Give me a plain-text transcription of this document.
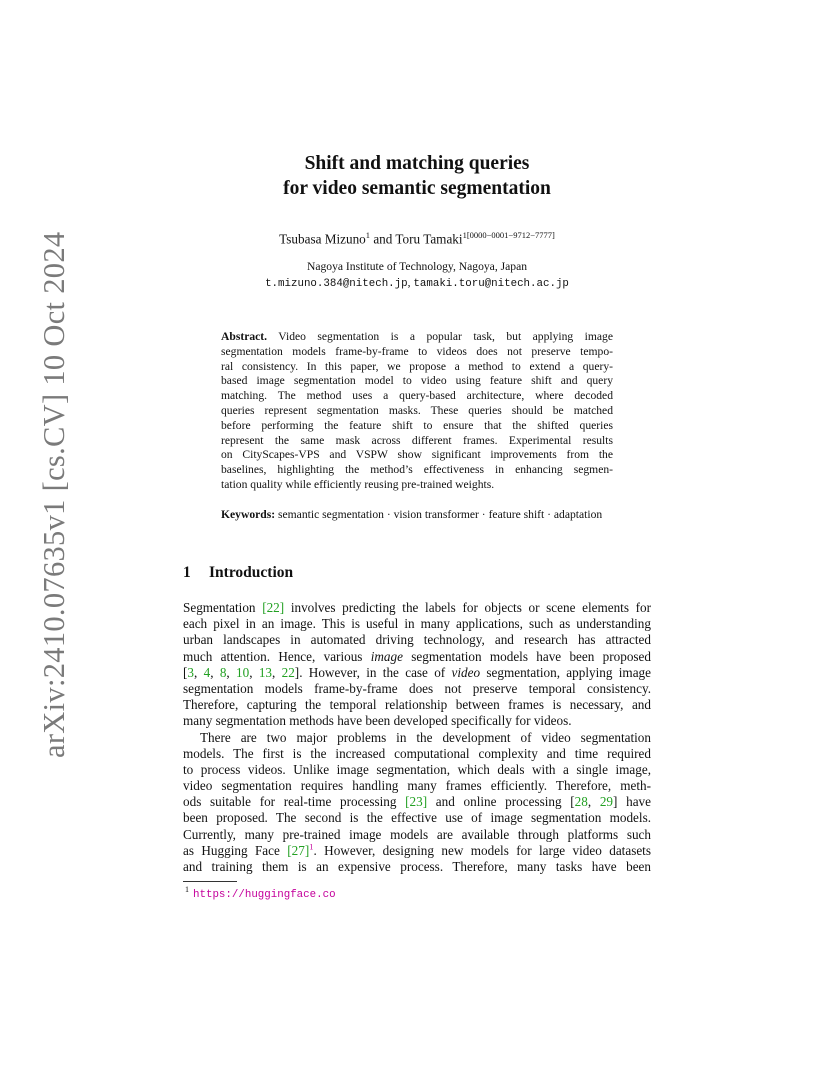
arXiv:2410.07635v1 [cs.CV] 10 Oct 2024
Shift and matching queries
for video semantic segmentation
Tsubasa Mizuno$^1$ and Toru Tamaki$^{1[0000-0001-9712-7777]}$
Nagoya Institute of Technology, Nagoya, Japan
t.mizuno.384@nitech.jp, tamaki.toru@nitech.ac.jp
Abstract. Video segmentation is a popular task, but applying image
segmentation models frame-by-frame to videos does not preserve tempo-
ral consistency. In this paper, we propose a method to extend a query-
based image segmentation model to video using feature shift and query
matching. The method uses a query-based architecture, where decoded
queries represent segmentation masks. These queries should be matched
before performing the feature shift to ensure that the shifted queries
represent the same mask across different frames. Experimental results
on CityScapes-VPS and VSPW show significant improvements from the
baselines, highlighting the method’s effectiveness in enhancing segmen-
tation quality while efficiently reusing pre-trained weights.
Keywords: semantic segmentation · vision transformer · feature shift · adaptation
1 Introduction
Segmentation [22] involves predicting the labels for objects or scene elements for
each pixel in an image. This is useful in many applications, such as understanding
urban landscapes in automated driving technology, and research has attracted
much attention. Hence, various image segmentation models have been proposed
[3, 4, 8, 10, 13, 22]. However, in the case of video segmentation, applying image
segmentation models frame-by-frame does not preserve temporal consistency.
Therefore, capturing the temporal relationship between frames is necessary, and
many segmentation methods have been developed specifically for videos.
There are two major problems in the development of video segmentation
models. The first is the increased computational complexity and time required
to process videos. Unlike image segmentation, which deals with a single image,
video segmentation requires handling many frames efficiently. Therefore, meth-
ods suitable for real-time processing [23] and online processing [28, 29] have
been proposed. The second is the effective use of image segmentation models.
Currently, many pre-trained image models are available through platforms such
as Hugging Face [27]$^1$. However, designing new models for large video datasets
and training them is an expensive process. Therefore, many tasks have been
$^1$ https://huggingface.co
